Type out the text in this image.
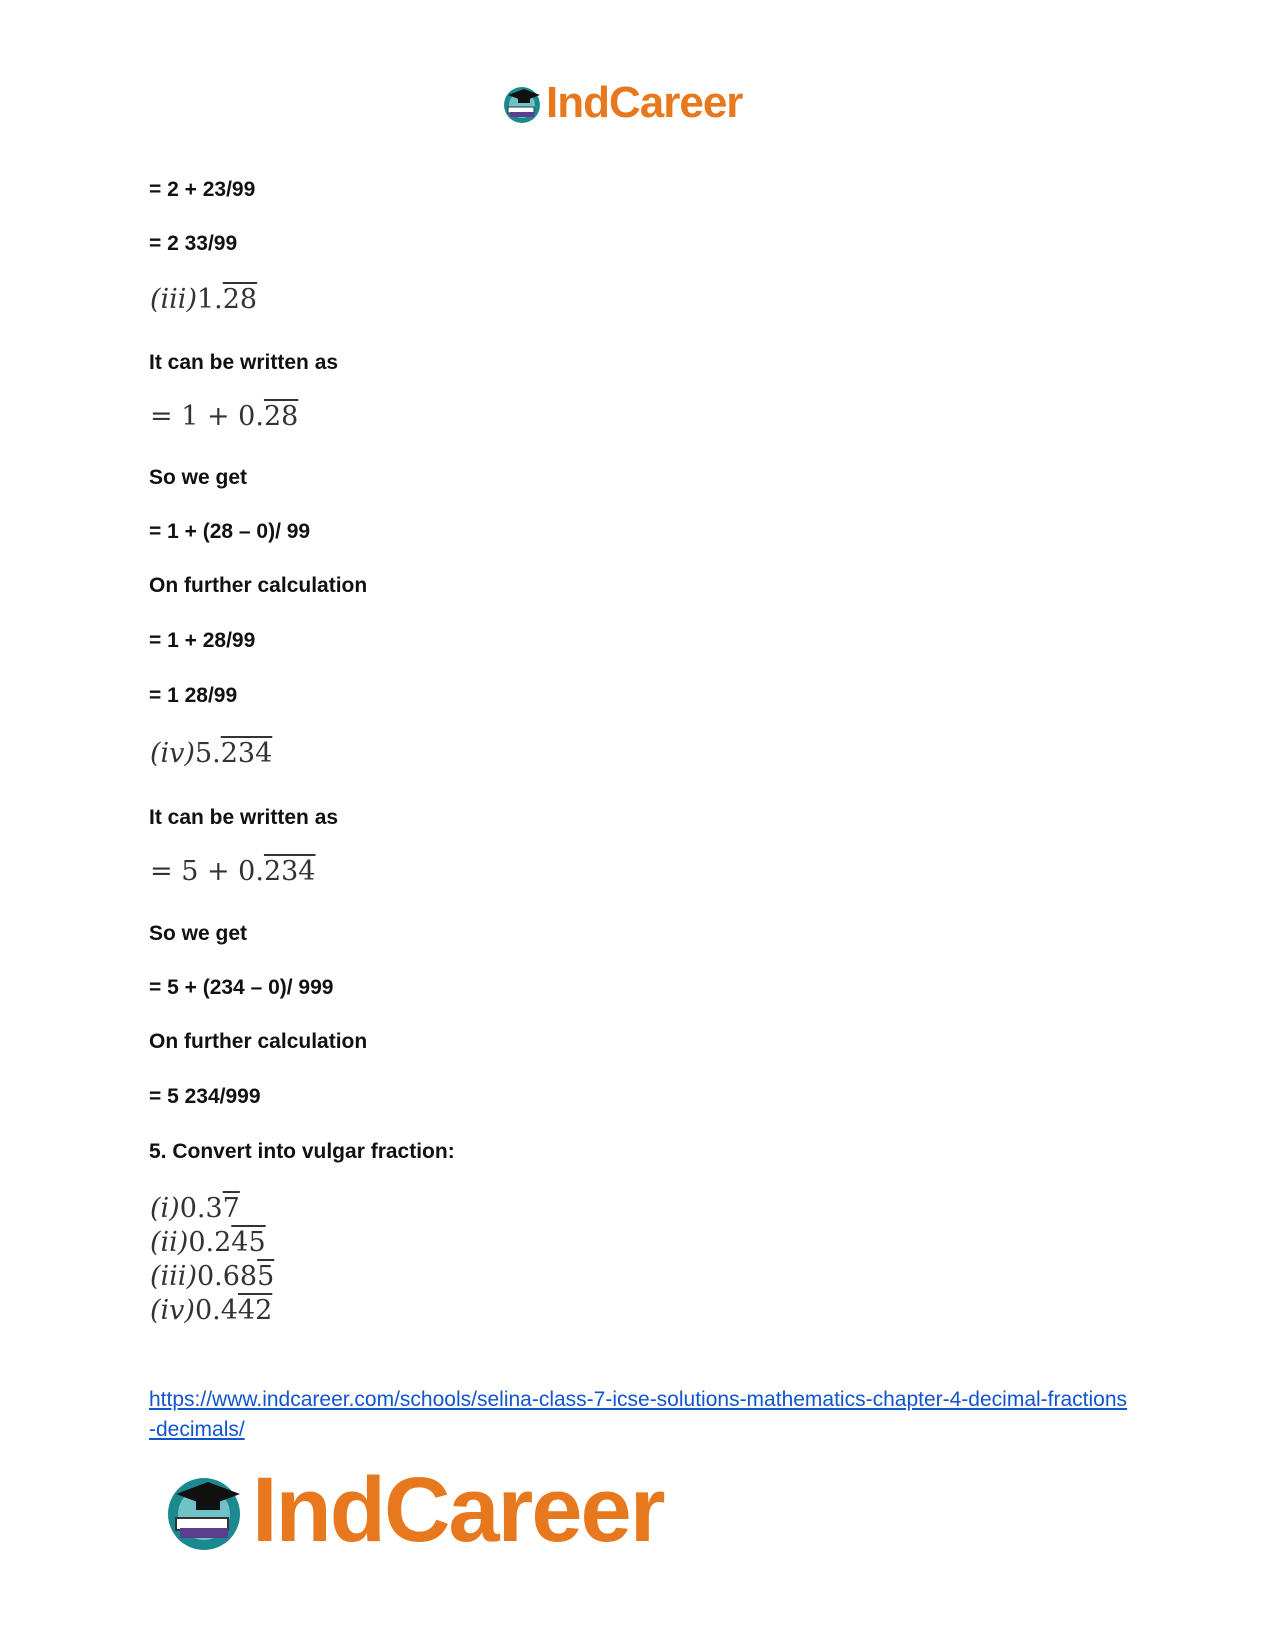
IndCareer
= 2 + 23/99
= 2 33/99
(iii)1.28
It can be written as
= 1 + 0.28
So we get
= 1 + (28 – 0)/ 99
On further calculation
= 1 + 28/99
= 1 28/99
(iv)5.234
It can be written as
= 5 + 0.234
So we get
= 5 + (234 – 0)/ 999
On further calculation
= 5 234/999
5. Convert into vulgar fraction:
(i)0.37
(ii)0.245
(iii)0.685
(iv)0.442
https://www.indcareer.com/schools/selina-class-7-icse-solutions-mathematics-chapter-4-decimal-fractions-decimals/
IndCareer
